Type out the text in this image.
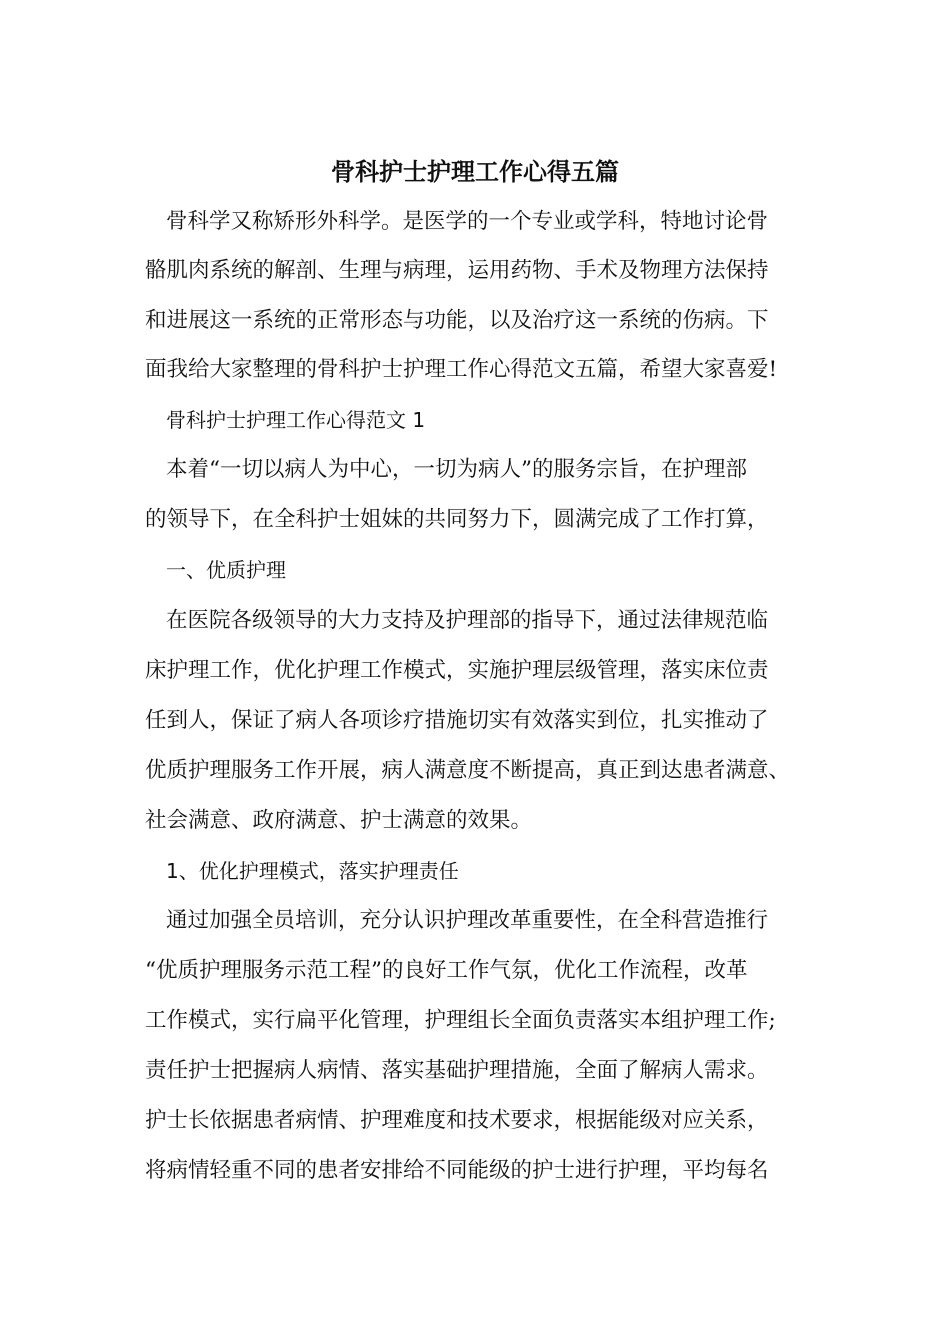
骨科护士护理工作心得五篇
骨科学又称矫形外科学。是医学的一个专业或学科，特地讨论骨
骼肌肉系统的解剖、生理与病理，运用药物、手术及物理方法保持
和进展这一系统的正常形态与功能，以及治疗这一系统的伤病。下
面我给大家整理的骨科护士护理工作心得范文五篇，希望大家喜爱!
骨科护士护理工作心得范文 1
本着“一切以病人为中心，一切为病人”的服务宗旨，在护理部
的领导下，在全科护士姐妹的共同努力下，圆满完成了工作打算，
一、优质护理
在医院各级领导的大力支持及护理部的指导下，通过法律规范临
床护理工作，优化护理工作模式，实施护理层级管理，落实床位责
任到人，保证了病人各项诊疗措施切实有效落实到位，扎实推动了
优质护理服务工作开展，病人满意度不断提高，真正到达患者满意、
社会满意、政府满意、护士满意的效果。
1、优化护理模式，落实护理责任
通过加强全员培训，充分认识护理改革重要性，在全科营造推行
“优质护理服务示范工程”的良好工作气氛，优化工作流程，改革
工作模式，实行扁平化管理，护理组长全面负责落实本组护理工作;
责任护士把握病人病情、落实基础护理措施，全面了解病人需求。
护士长依据患者病情、护理难度和技术要求，根据能级对应关系，
将病情轻重不同的患者安排给不同能级的护士进行护理，平均每名
